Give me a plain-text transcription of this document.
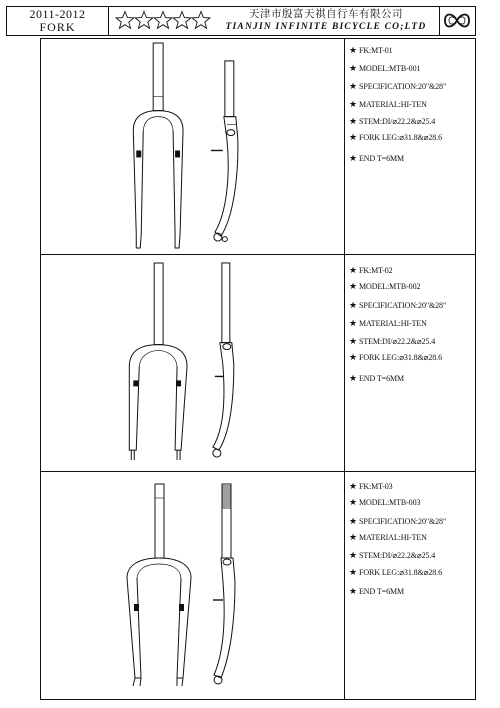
2011-2012
FORK
天津市殷富天祺自行车有限公司
TIANJIN INFINITE BICYCLE CO;LTD
★ FK:MT-01
★ MODEL:MTB-001
★ SPECIFICATION:20"&28"
★ MATERIAL:HI-TEN
★ STEM:DI/⌀22.2&⌀25.4
★ FORK LEG:⌀31.8&⌀28.6
★ END T=6MM
★ FK:MT-02
★ MODEL:MTB-002
★ SPECIFICATION:20"&28"
★ MATERIAL:HI-TEN
★ STEM:DI/⌀22.2&⌀25.4
★ FORK LEG:⌀31.8&⌀28.6
★ END T=6MM
★ FK:MT-03
★ MODEL:MTB-003
★ SPECIFICATION:20"&28"
★ MATERIAL:HI-TEN
★ STEM:DI/⌀22.2&⌀25.4
★ FORK LEG:⌀31.8&⌀28.6
★ END T=6MM
